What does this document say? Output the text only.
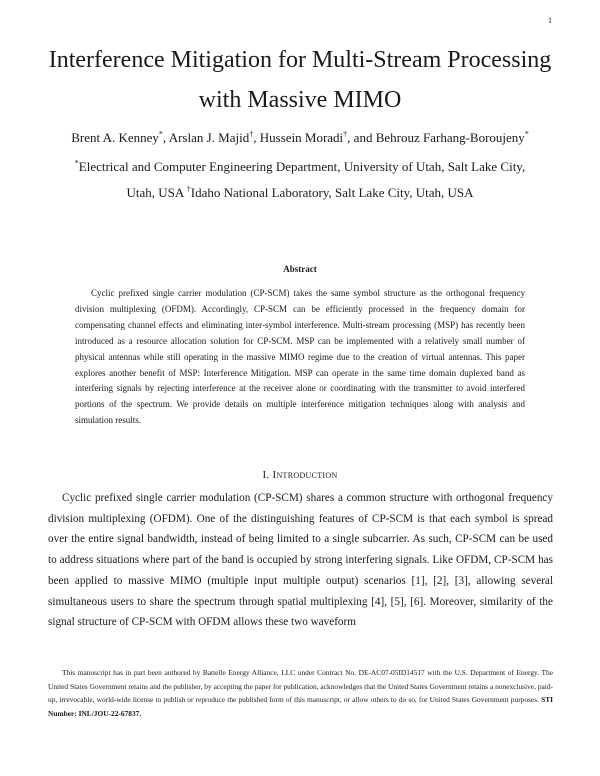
1
Interference Mitigation for Multi-Stream Processing
with Massive MIMO
Brent A. Kenney*, Arslan J. Majid†, Hussein Moradi†, and Behrouz Farhang-Boroujeny*
*Electrical and Computer Engineering Department, University of Utah, Salt Lake City,
Utah, USA †Idaho National Laboratory, Salt Lake City, Utah, USA
Abstract

Cyclic prefixed single carrier modulation (CP-SCM) takes the same symbol structure as the orthogonal frequency division multiplexing (OFDM). Accordingly, CP-SCM can be efficiently processed in the frequency domain for compensating channel effects and eliminating inter-symbol interference. Multi-stream processing (MSP) has recently been introduced as a resource allocation solution for CP-SCM. MSP can be implemented with a relatively small number of physical antennas while still operating in the massive MIMO regime due to the creation of virtual antennas. This paper explores another benefit of MSP: Interference Mitigation. MSP can operate in the same time domain duplexed band as interfering signals by rejecting interference at the receiver alone or coordinating with the transmitter to avoid interfered portions of the spectrum. We provide details on multiple interference mitigation techniques along with analysis and simulation results.

I. Introduction

Cyclic prefixed single carrier modulation (CP-SCM) shares a common structure with orthogonal frequency division multiplexing (OFDM). One of the distinguishing features of CP-SCM is that each symbol is spread over the entire signal bandwidth, instead of being limited to a single subcarrier. As such, CP-SCM can be used to address situations where part of the band is occupied by strong interfering signals. Like OFDM, CP-SCM has been applied to massive MIMO (multiple input multiple output) scenarios [1], [2], [3], allowing several simultaneous users to share the spectrum through spatial multiplexing [4], [5], [6]. Moreover, similarity of the signal structure of CP-SCM with OFDM allows these two waveform

This manuscript has in part been authored by Battelle Energy Alliance, LLC under Contract No. DE-AC07-05ID14517 with the U.S. Department of Energy. The United States Government retains and the publisher, by accepting the paper for publication, acknowledges that the United States Government retains a nonexclusive, paid-up, irrevocable, world-wide license to publish or reproduce the published form of this manuscript, or allow others to do so, for United States Government purposes. STI Number: INL/JOU-22-67837.
